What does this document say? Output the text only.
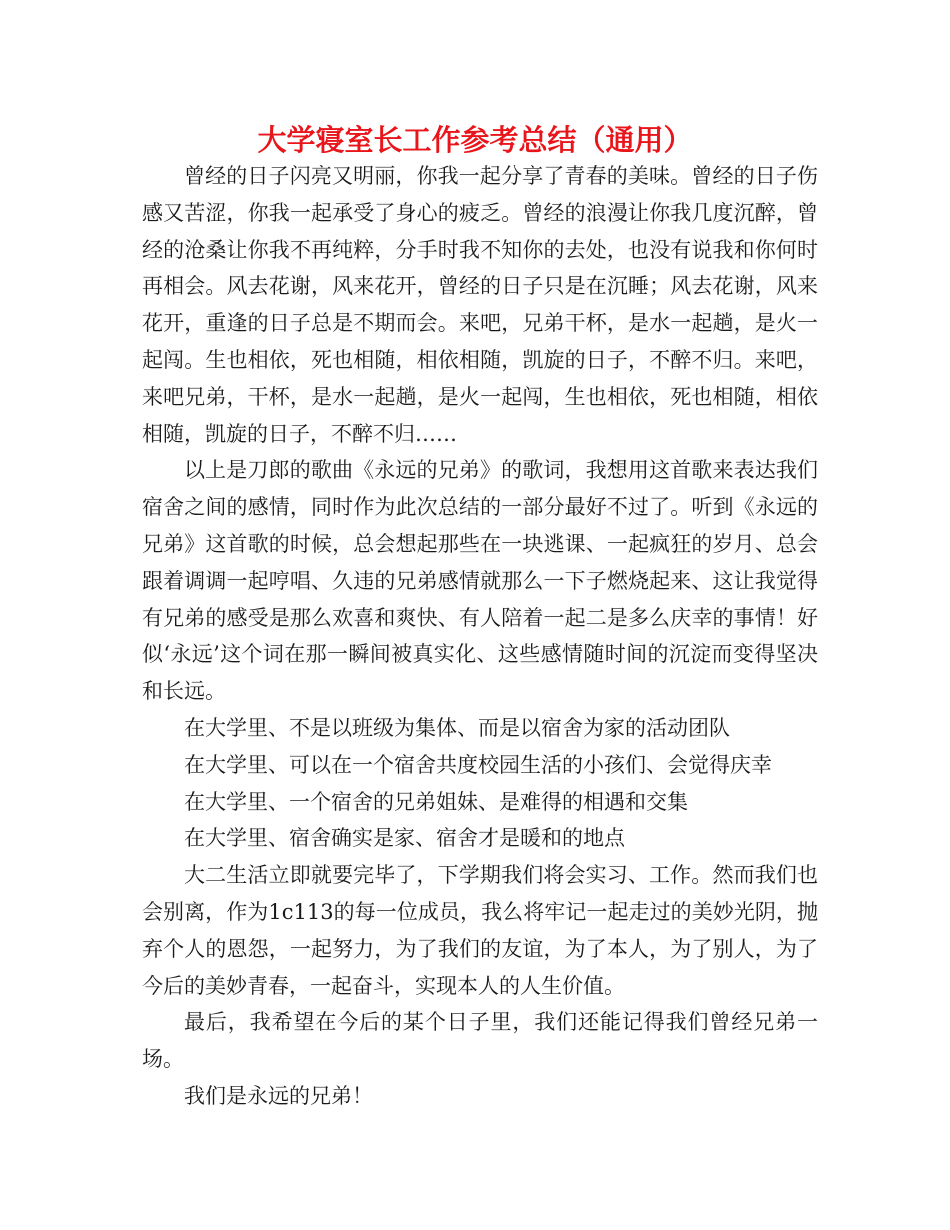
大学寝室长工作参考总结（通用）

曾经的日子闪亮又明丽，你我一起分享了青春的美味。曾经的日子伤感又苦涩，你我一起承受了身心的疲乏。曾经的浪漫让你我几度沉醉，曾经的沧桑让你我不再纯粹，分手时我不知你的去处，也没有说我和你何时再相会。风去花谢，风来花开，曾经的日子只是在沉睡；风去花谢，风来花开，重逢的日子总是不期而会。来吧，兄弟干杯，是水一起趟，是火一起闯。生也相依，死也相随，相依相随，凯旋的日子，不醉不归。来吧，来吧兄弟，干杯，是水一起趟，是火一起闯，生也相依，死也相随，相依相随，凯旋的日子，不醉不归……

以上是刀郎的歌曲《永远的兄弟》的歌词，我想用这首歌来表达我们宿舍之间的感情，同时作为此次总结的一部分最好不过了。听到《永远的兄弟》这首歌的时候，总会想起那些在一块逃课、一起疯狂的岁月、总会跟着调调一起哼唱、久违的兄弟感情就那么一下子燃烧起来、这让我觉得有兄弟的感受是那么欢喜和爽快、有人陪着一起二是多么庆幸的事情！好似‘永远’这个词在那一瞬间被真实化、这些感情随时间的沉淀而变得坚决和长远。

在大学里、不是以班级为集体、而是以宿舍为家的活动团队

在大学里、可以在一个宿舍共度校园生活的小孩们、会觉得庆幸

在大学里、一个宿舍的兄弟姐妹、是难得的相遇和交集

在大学里、宿舍确实是家、宿舍才是暖和的地点

大二生活立即就要完毕了，下学期我们将会实习、工作。然而我们也会别离，作为1c113的每一位成员，我么将牢记一起走过的美妙光阴，抛弃个人的恩怨，一起努力，为了我们的友谊，为了本人，为了别人，为了今后的美妙青春，一起奋斗，实现本人的人生价值。

最后，我希望在今后的某个日子里，我们还能记得我们曾经兄弟一场。

我们是永远的兄弟！
